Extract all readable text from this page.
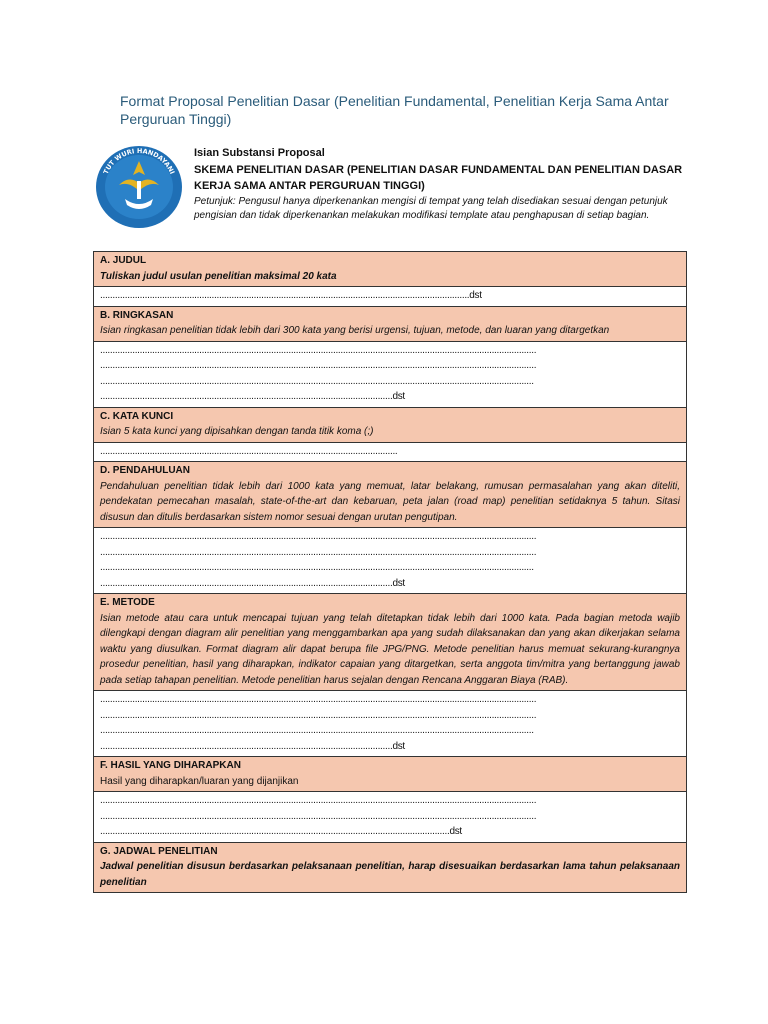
Format Proposal Penelitian Dasar (Penelitian Fundamental, Penelitian Kerja Sama Antar Perguruan Tinggi)
TUT WURI HANDAYANI
Isian Substansi Proposal
SKEMA PENELITIAN DASAR (PENELITIAN DASAR FUNDAMENTAL DAN PENELITIAN DASAR KERJA SAMA ANTAR PERGURUAN TINGGI)
Petunjuk: Pengusul hanya diperkenankan mengisi di tempat yang telah disediakan sesuai dengan petunjuk pengisian dan tidak diperkenankan melakukan modifikasi template atau penghapusan di setiap bagian.
A. JUDUL
Tuliskan judul usulan penelitian maksimal 20 kata

.....................................................................................................................................................dst

B. RINGKASAN
Isian ringkasan penelitian tidak lebih dari 300 kata yang berisi urgensi, tujuan, metode, dan luaran yang ditargetkan

................................................................................................................................................................................
................................................................................................................................................................................
...............................................................................................................................................................................
......................................................................................................................dst

C. KATA KUNCI
Isian 5 kata kunci yang dipisahkan dengan tanda titik koma (;)

........................................................................................................................

D. PENDAHULUAN
Pendahuluan penelitian tidak lebih dari 1000 kata yang memuat, latar belakang, rumusan permasalahan yang akan diteliti, pendekatan pemecahan masalah, state-of-the-art dan kebaruan, peta jalan (road map) penelitian setidaknya 5 tahun. Sitasi disusun dan ditulis berdasarkan sistem nomor sesuai dengan urutan pengutipan.

................................................................................................................................................................................
................................................................................................................................................................................
...............................................................................................................................................................................
......................................................................................................................dst

E. METODE
Isian metode atau cara untuk mencapai tujuan yang telah ditetapkan tidak lebih dari 1000 kata. Pada bagian metoda wajib dilengkapi dengan diagram alir penelitian yang menggambarkan apa yang sudah dilaksanakan dan yang akan dikerjakan selama waktu yang diusulkan. Format diagram alir dapat berupa file JPG/PNG. Metode penelitian harus memuat sekurang-kurangnya prosedur penelitian, hasil yang diharapkan, indikator capaian yang ditargetkan, serta anggota tim/mitra yang bertanggung jawab pada setiap tahapan penelitian. Metode penelitian harus sejalan dengan Rencana Anggaran Biaya (RAB).

................................................................................................................................................................................
................................................................................................................................................................................
...............................................................................................................................................................................
......................................................................................................................dst

F. HASIL YANG DIHARAPKAN
Hasil yang diharapkan/luaran yang dijanjikan

................................................................................................................................................................................
................................................................................................................................................................................
.............................................................................................................................................dst

G. JADWAL PENELITIAN
Jadwal penelitian disusun berdasarkan pelaksanaan penelitian, harap disesuaikan berdasarkan lama tahun pelaksanaan penelitian
